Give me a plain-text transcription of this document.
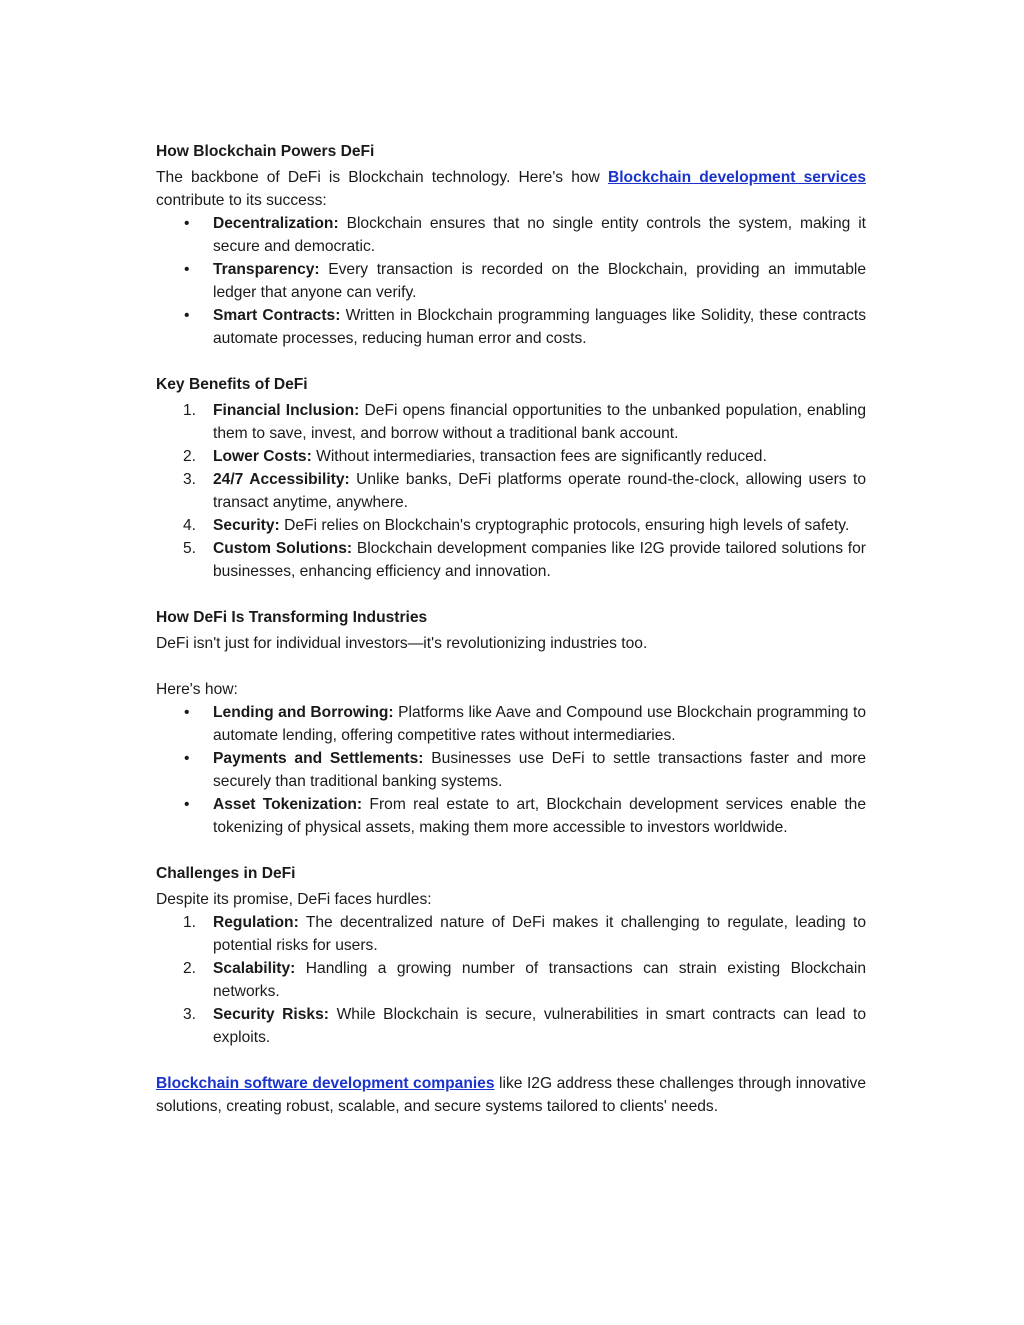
How Blockchain Powers DeFi

The backbone of DeFi is Blockchain technology. Here's how Blockchain development services contribute to its success:

•	Decentralization: Blockchain ensures that no single entity controls the system, making it secure and democratic.
•	Transparency: Every transaction is recorded on the Blockchain, providing an immutable ledger that anyone can verify.
•	Smart Contracts: Written in Blockchain programming languages like Solidity, these contracts automate processes, reducing human error and costs.
Key Benefits of DeFi
1.	Financial Inclusion: DeFi opens financial opportunities to the unbanked population, enabling them to save, invest, and borrow without a traditional bank account.
2.	Lower Costs: Without intermediaries, transaction fees are significantly reduced.
3.	24/7 Accessibility: Unlike banks, DeFi platforms operate round-the-clock, allowing users to transact anytime, anywhere.
4.	Security: DeFi relies on Blockchain's cryptographic protocols, ensuring high levels of safety.
5.	Custom Solutions: Blockchain development companies like I2G provide tailored solutions for businesses, enhancing efficiency and innovation.
How DeFi Is Transforming Industries

DeFi isn't just for individual investors—it's revolutionizing industries too.

Here's how:

•	Lending and Borrowing: Platforms like Aave and Compound use Blockchain programming to automate lending, offering competitive rates without intermediaries.
•	Payments and Settlements: Businesses use DeFi to settle transactions faster and more securely than traditional banking systems.
•	Asset Tokenization: From real estate to art, Blockchain development services enable the tokenizing of physical assets, making them more accessible to investors worldwide.
Challenges in DeFi

Despite its promise, DeFi faces hurdles:

1.	Regulation: The decentralized nature of DeFi makes it challenging to regulate, leading to potential risks for users.
2.	Scalability: Handling a growing number of transactions can strain existing Blockchain networks.
3.	Security Risks: While Blockchain is secure, vulnerabilities in smart contracts can lead to exploits.

Blockchain software development companies like I2G address these challenges through innovative solutions, creating robust, scalable, and secure systems tailored to clients' needs.
